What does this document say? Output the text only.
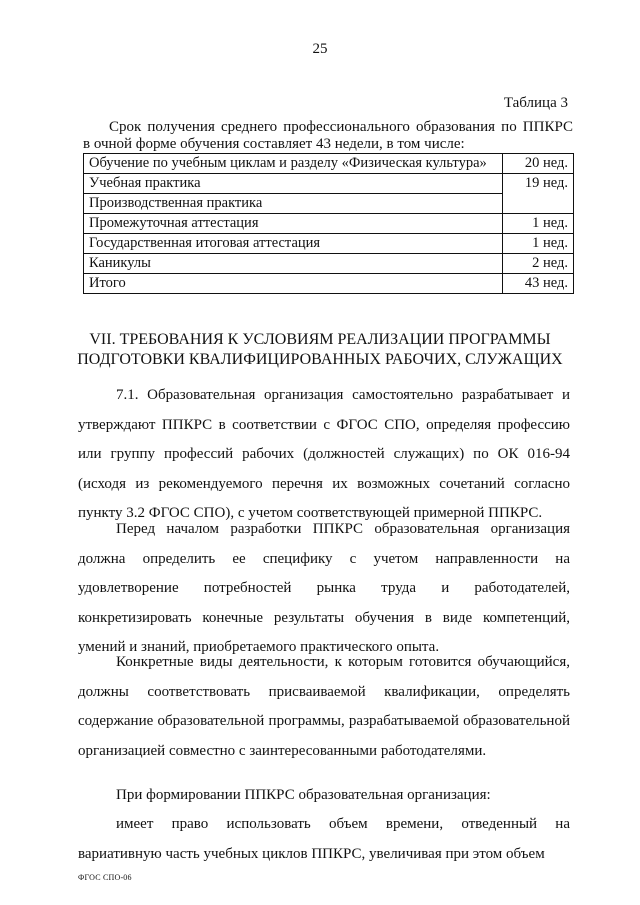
25
Таблица 3
Срок получения среднего профессионального образования по ППКРС
в очной форме обучения составляет 43 недели, в том числе:
Обучение по учебным циклам и разделу «Физическая культура»	20 нед.
Учебная практика	19 нед.
Производственная практика	
Промежуточная аттестация	1 нед.
Государственная итоговая аттестация	1 нед.
Каникулы	2 нед.
Итого	43 нед.
VII. ТРЕБОВАНИЯ К УСЛОВИЯМ РЕАЛИЗАЦИИ ПРОГРАММЫ
ПОДГОТОВКИ КВАЛИФИЦИРОВАННЫХ РАБОЧИХ, СЛУЖАЩИХ

7.1. Образовательная организация самостоятельно разрабатывает и утверждают ППКРС в соответствии с ФГОС СПО, определяя профессию или группу профессий рабочих (должностей служащих) по ОК 016-94 (исходя из рекомендуемого перечня их возможных сочетаний согласно пункту 3.2 ФГОС СПО), с учетом соответствующей примерной ППКРС.

Перед началом разработки ППКРС образовательная организация должна определить ее специфику с учетом направленности на удовлетворение потребностей рынка труда и работодателей, конкретизировать конечные результаты обучения в виде компетенций, умений и знаний, приобретаемого практического опыта.

Конкретные виды деятельности, к которым готовится обучающийся, должны соответствовать присваиваемой квалификации, определять содержание образовательной программы, разрабатываемой образовательной организацией совместно с заинтересованными работодателями.

При формировании ППКРС образовательная организация:

имеет право использовать объем времени, отведенный на вариативную часть учебных циклов ППКРС, увеличивая при этом объем

ФГОС СПО-06
